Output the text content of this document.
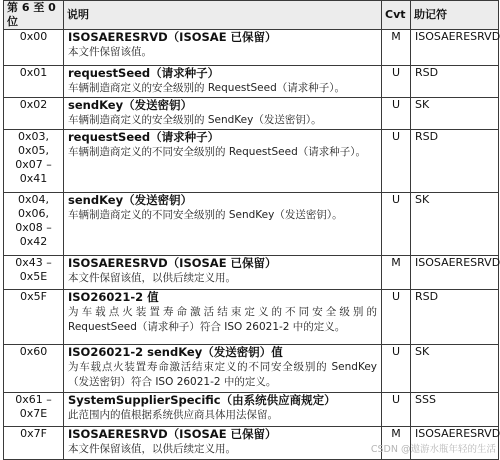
第 6 至 0 位	说明	Cvt	助记符
0x00	ISOSAERESRVD（ISOSAE 已保留）
本文件保留该值。	M	ISOSAERESRVD
0x01	requestSeed（请求种子）
车辆制造商定义的安全级别的 RequestSeed（请求种子）。	U	RSD
0x02	sendKey（发送密钥）
车辆制造商定义的安全级别的 SendKey（发送密钥）。	U	SK
0x03,
0x05,
0x07 –
0x41	requestSeed（请求种子）
车辆制造商定义的不同安全级别的 RequestSeed（请求种子）。	U	RSD
0x04,
0x06,
0x08 –
0x42	sendKey（发送密钥）
车辆制造商定义的不同安全级别的 SendKey（发送密钥）。	U	SK
0x43 –
0x5E	ISOSAERESRVD（ISOSAE 已保留）
本文件保留该值，以供后续定义用。	M	ISOSAERESRVD
0x5F	ISO26021-2 值
为车载点火装置寿命激活结束定义的不同安全级别的 RequestSeed（请求种子）符合 ISO 26021-2 中的定义。	U	RSD
0x60	ISO26021-2 sendKey（发送密钥）值
为车载点火装置寿命激活结束定义的不同安全级别的 SendKey（发送密钥）符合 ISO 26021-2 中的定义。	U	SK
0x61 –
0x7E	SystemSupplierSpecific（由系统供应商规定）
此范围内的值根据系统供应商具体用法保留。	U	SSS
0x7F	ISOSAERESRVD（ISOSAE 已保留）
本文件保留该值，以供后续定义用。	M	ISOSAERESRVD
CSDN @遨游水瓶年轻的生活
